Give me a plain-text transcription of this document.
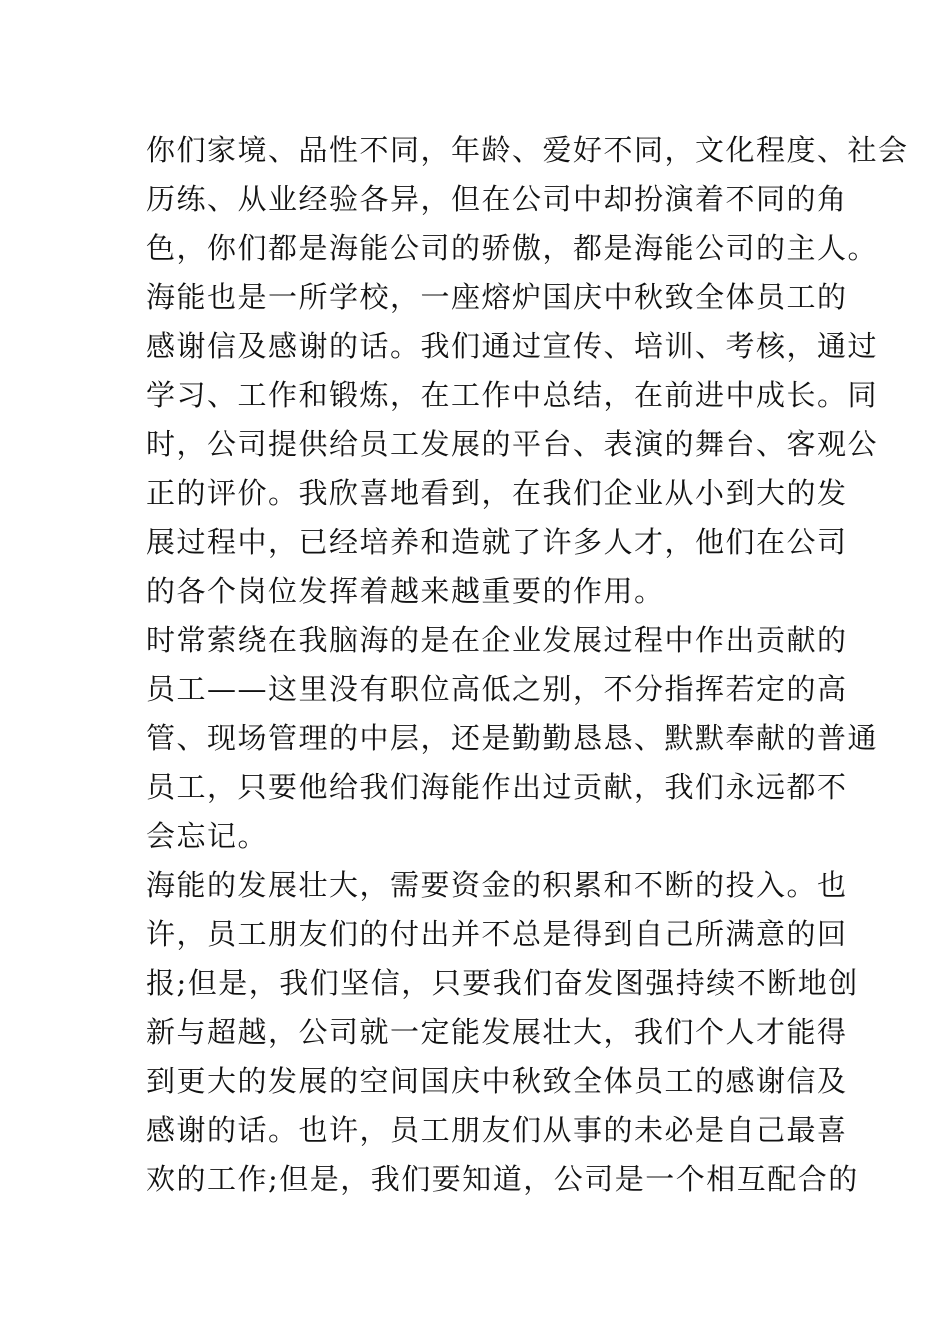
你们家境、品性不同，年龄、爱好不同，文化程度、社会
历练、从业经验各异，但在公司中却扮演着不同的角
色，你们都是海能公司的骄傲，都是海能公司的主人。
海能也是一所学校，一座熔炉国庆中秋致全体员工的
感谢信及感谢的话。我们通过宣传、培训、考核，通过
学习、工作和锻炼，在工作中总结，在前进中成长。同
时，公司提供给员工发展的平台、表演的舞台、客观公
正的评价。我欣喜地看到，在我们企业从小到大的发
展过程中，已经培养和造就了许多人才，他们在公司
的各个岗位发挥着越来越重要的作用。
时常萦绕在我脑海的是在企业发展过程中作出贡献的
员工——这里没有职位高低之别，不分指挥若定的高
管、现场管理的中层，还是勤勤恳恳、默默奉献的普通
员工，只要他给我们海能作出过贡献，我们永远都不
会忘记。
海能的发展壮大，需要资金的积累和不断的投入。也
许，员工朋友们的付出并不总是得到自己所满意的回
报;但是，我们坚信，只要我们奋发图强持续不断地创
新与超越，公司就一定能发展壮大，我们个人才能得
到更大的发展的空间国庆中秋致全体员工的感谢信及
感谢的话。也许，员工朋友们从事的未必是自己最喜
欢的工作;但是，我们要知道，公司是一个相互配合的
